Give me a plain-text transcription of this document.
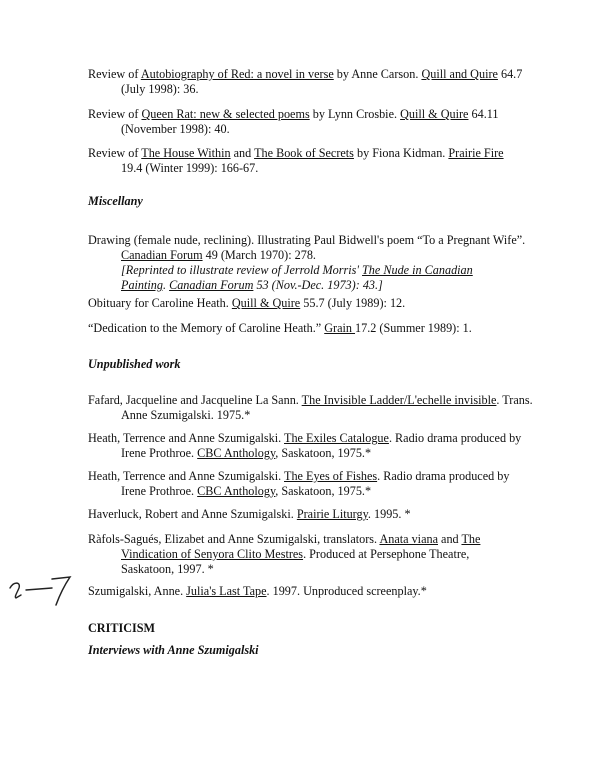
Review of Autobiography of Red: a novel in verse by Anne Carson. Quill and Quire 64.7
(July 1998): 36.
Review of Queen Rat: new & selected poems by Lynn Crosbie. Quill & Quire 64.11
(November 1998): 40.
Review of The House Within and The Book of Secrets by Fiona Kidman. Prairie Fire
19.4 (Winter 1999): 166-67.
Miscellany
Drawing (female nude, reclining). Illustrating Paul Bidwell's poem “To a Pregnant Wife”.
Canadian Forum 49 (March 1970): 278.
[Reprinted to illustrate review of Jerrold Morris' The Nude in Canadian
Painting. Canadian Forum 53 (Nov.-Dec. 1973): 43.]
Obituary for Caroline Heath. Quill & Quire 55.7 (July 1989): 12.
“Dedication to the Memory of Caroline Heath.” Grain 17.2 (Summer 1989): 1.
Unpublished work
Fafard, Jacqueline and Jacqueline La Sann. The Invisible Ladder/L'echelle invisible. Trans.
Anne Szumigalski. 1975.*
Heath, Terrence and Anne Szumigalski. The Exiles Catalogue. Radio drama produced by
Irene Prothroe. CBC Anthology, Saskatoon, 1975.*
Heath, Terrence and Anne Szumigalski. The Eyes of Fishes. Radio drama produced by
Irene Prothroe. CBC Anthology, Saskatoon, 1975.*
Haverluck, Robert and Anne Szumigalski. Prairie Liturgy. 1995. *
Ràfols-Sagués, Elizabet and Anne Szumigalski, translators. Anata viana and The
Vindication of Senyora Clito Mestres. Produced at Persephone Theatre,
Saskatoon, 1997. *
Szumigalski, Anne. Julia's Last Tape. 1997. Unproduced screenplay.*
CRITICISM
Interviews with Anne Szumigalski
